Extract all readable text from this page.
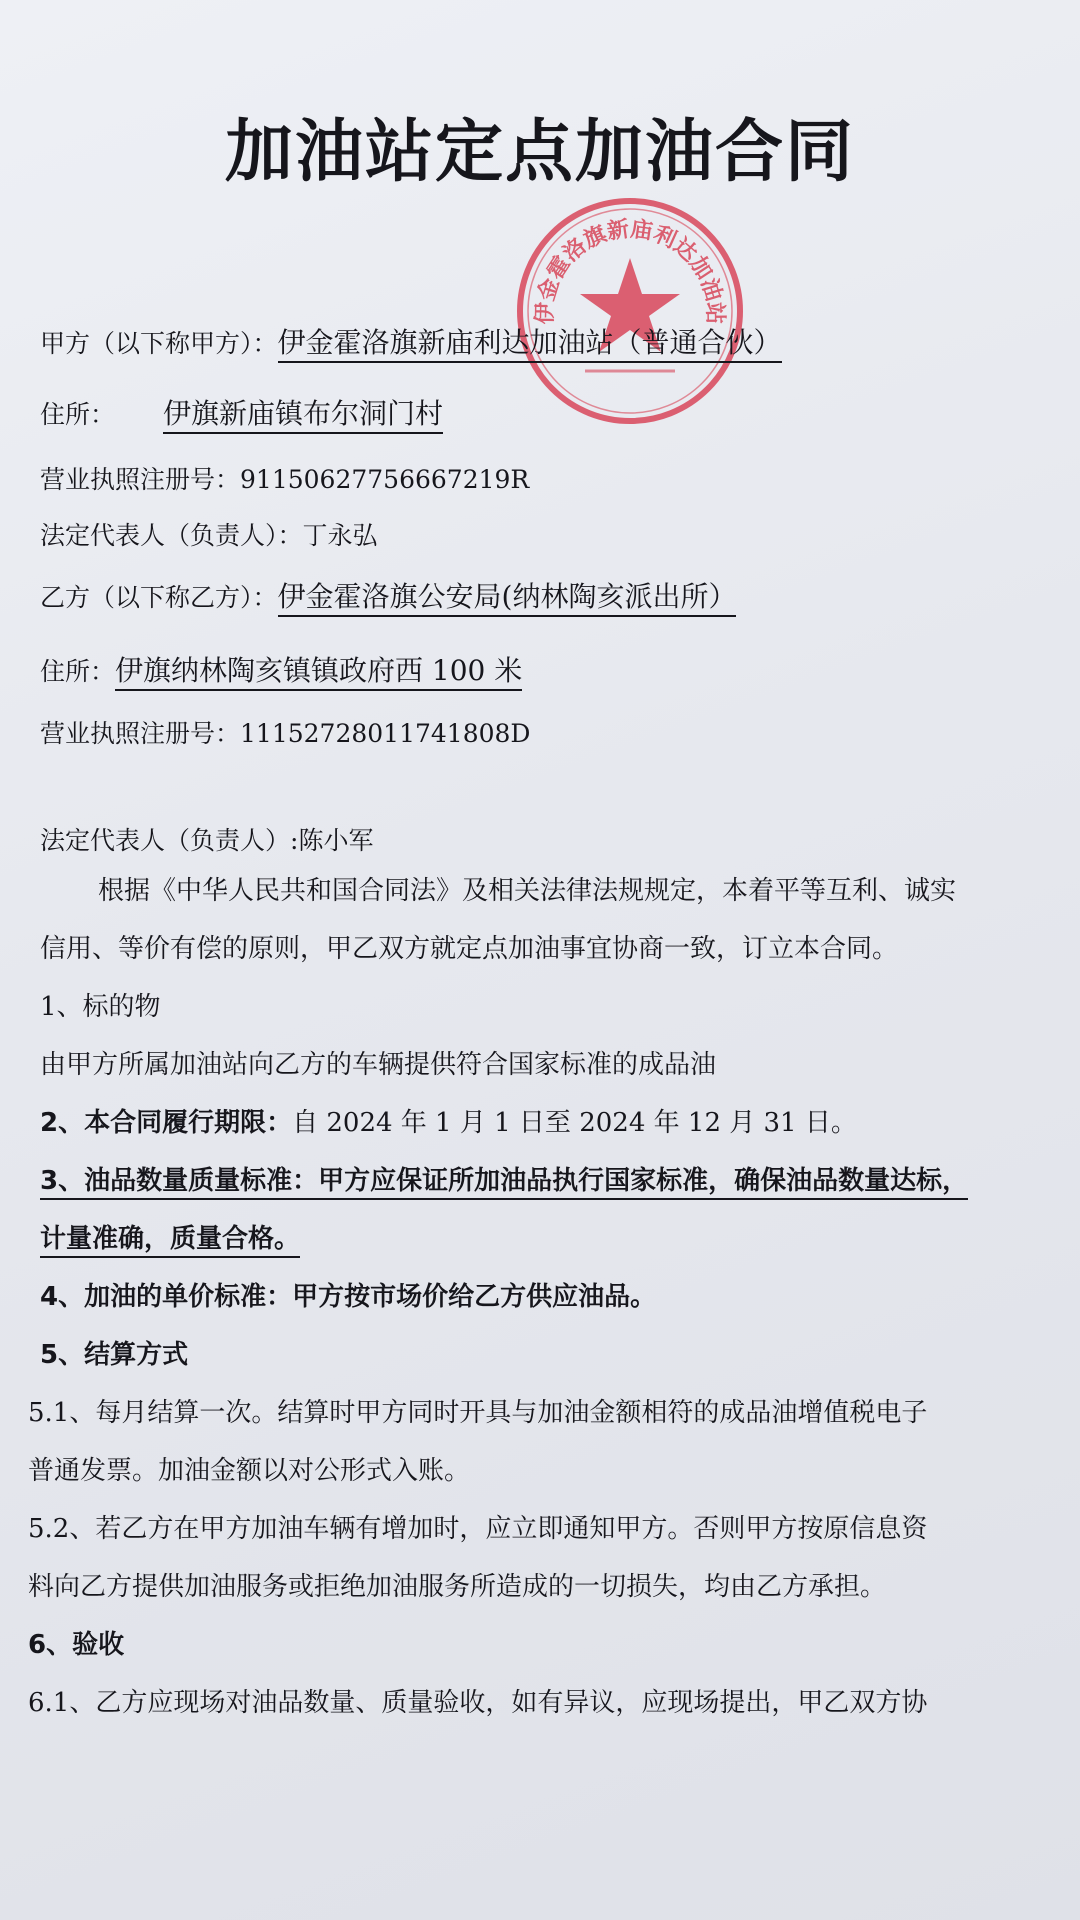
加油站定点加油合同
伊金霍洛旗新庙利达加油站
甲方（以下称甲方）：伊金霍洛旗新庙利达加油站（普通合伙）
住所： 伊旗新庙镇布尔洞门村
营业执照注册号：91150627756667219R
法定代表人（负责人）：丁永弘
乙方（以下称乙方）：伊金霍洛旗公安局(纳林陶亥派出所）
住所：伊旗纳林陶亥镇镇政府西 100 米
营业执照注册号：11152728011741808D
法定代表人（负责人）:陈小军
根据《中华人民共和国合同法》及相关法律法规规定，本着平等互利、诚实
信用、等价有偿的原则，甲乙双方就定点加油事宜协商一致，订立本合同。
1、标的物
由甲方所属加油站向乙方的车辆提供符合国家标准的成品油
2、本合同履行期限：自 2024 年 1 月 1 日至 2024 年 12 月 31 日。
3、油品数量质量标准：甲方应保证所加油品执行国家标准，确保油品数量达标，
计量准确，质量合格。
4、加油的单价标准：甲方按市场价给乙方供应油品。
5、结算方式
5.1、每月结算一次。结算时甲方同时开具与加油金额相符的成品油增值税电子
普通发票。加油金额以对公形式入账。
5.2、若乙方在甲方加油车辆有增加时，应立即通知甲方。否则甲方按原信息资
料向乙方提供加油服务或拒绝加油服务所造成的一切损失，均由乙方承担。
6、验收
6.1、乙方应现场对油品数量、质量验收，如有异议，应现场提出，甲乙双方协
